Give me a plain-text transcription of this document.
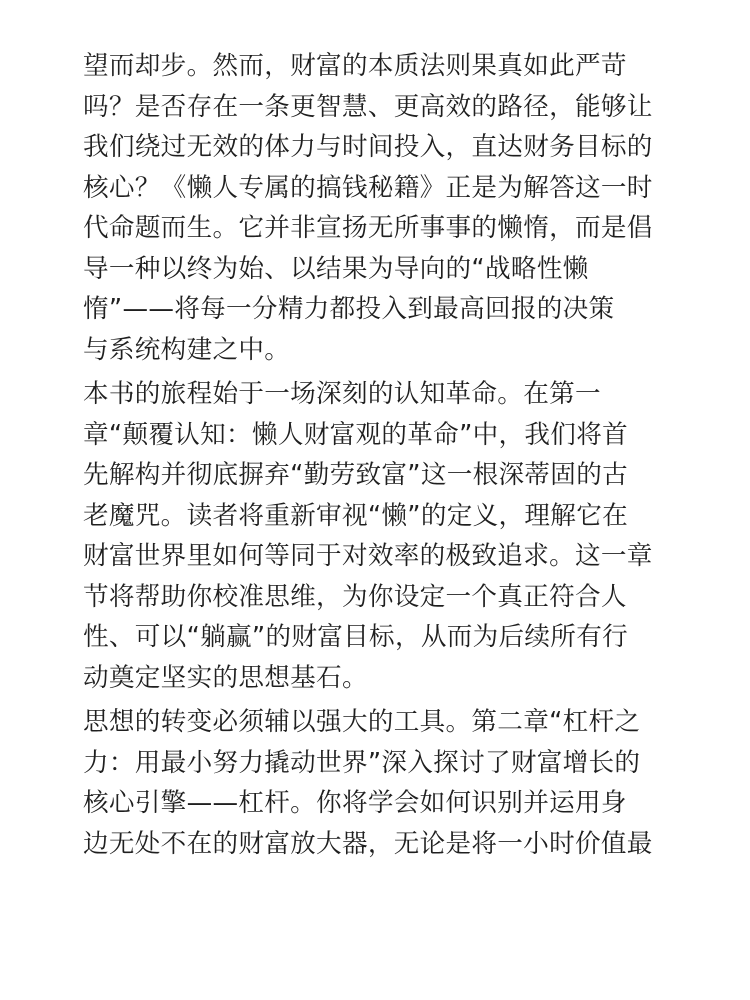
望而却步。然而，财富的本质法则果真如此严苛
吗？是否存在一条更智慧、更高效的路径，能够让
我们绕过无效的体力与时间投入，直达财务目标的
核心？《懒人专属的搞钱秘籍》正是为解答这一时
代命题而生。它并非宣扬无所事事的懒惰，而是倡
导一种以终为始、以结果为导向的“战略性懒
惰”——将每一分精力都投入到最高回报的决策
与系统构建之中。
本书的旅程始于一场深刻的认知革命。在第一
章“颠覆认知：懒人财富观的革命”中，我们将首
先解构并彻底摒弃“勤劳致富”这一根深蒂固的古
老魔咒。读者将重新审视“懒”的定义，理解它在
财富世界里如何等同于对效率的极致追求。这一章
节将帮助你校准思维，为你设定一个真正符合人
性、可以“躺赢”的财富目标，从而为后续所有行
动奠定坚实的思想基石。
思想的转变必须辅以强大的工具。第二章“杠杆之
力：用最小努力撬动世界”深入探讨了财富增长的
核心引擎——杠杆。你将学会如何识别并运用身
边无处不在的财富放大器，无论是将一小时价值最
